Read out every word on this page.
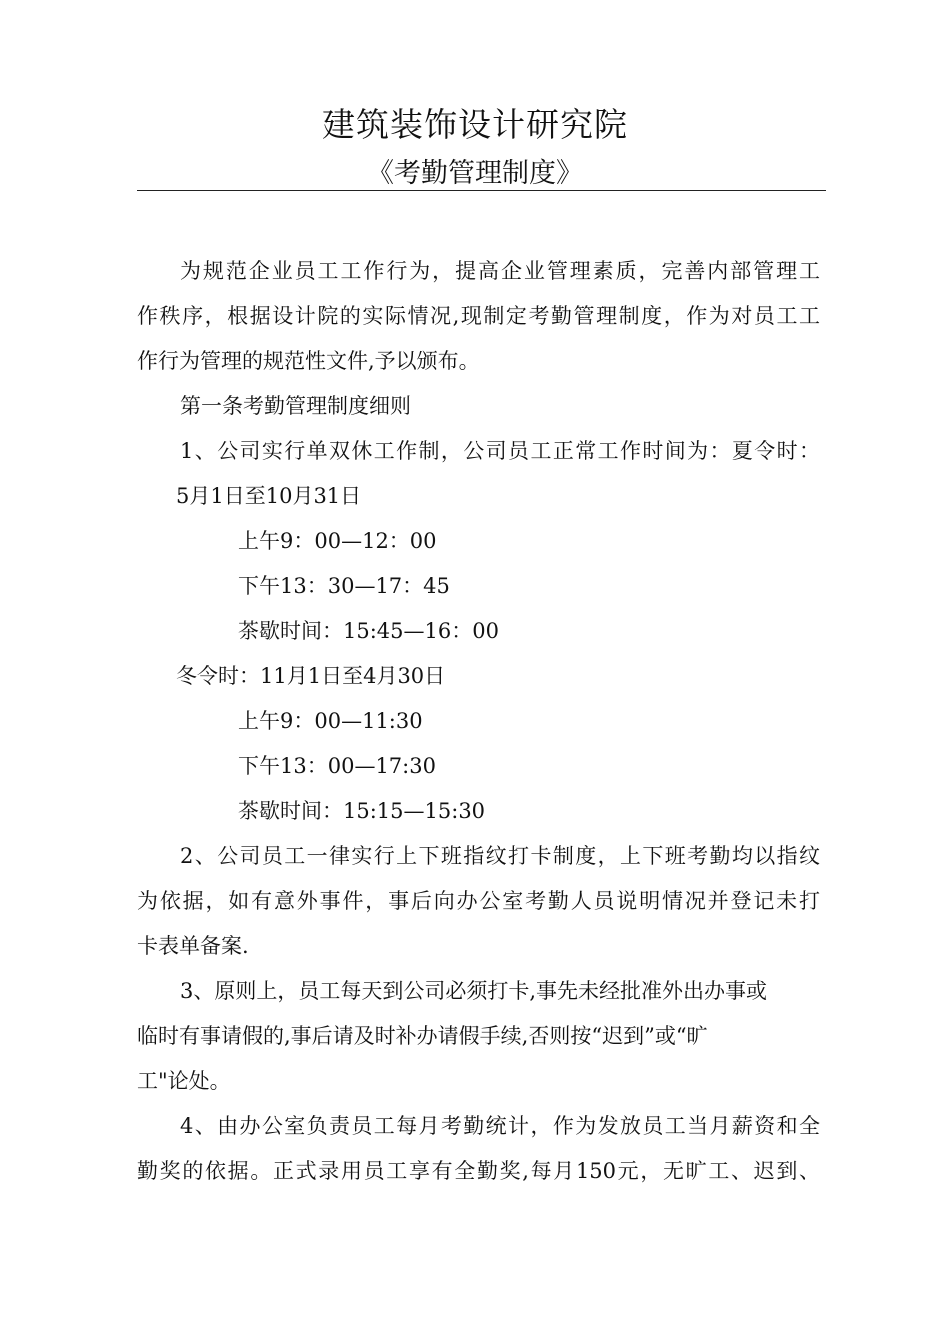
建筑装饰设计研究院
《考勤管理制度》
为规范企业员工工作行为，提高企业管理素质，完善内部管理工
作秩序，根据设计院的实际情况,现制定考勤管理制度，作为对员工工
作行为管理的规范性文件,予以颁布。
第一条考勤管理制度细则
1、公司实行单双休工作制，公司员工正常工作时间为：夏令时：
5月1日至10月31日
上午9：00—12：00
下午13：30—17：45
茶歇时间：15:45—16：00
冬令时：11月1日至4月30日
上午9：00—11:30
下午13：00—17:30
茶歇时间：15:15—15:30
2、公司员工一律实行上下班指纹打卡制度，上下班考勤均以指纹
为依据，如有意外事件，事后向办公室考勤人员说明情况并登记未打
卡表单备案.
3、原则上，员工每天到公司必须打卡,事先未经批准外出办事或
临时有事请假的,事后请及时补办请假手续,否则按“迟到”或“旷
工"论处。
4、由办公室负责员工每月考勤统计，作为发放员工当月薪资和全
勤奖的依据。正式录用员工享有全勤奖,每月150元，无旷工、迟到、
